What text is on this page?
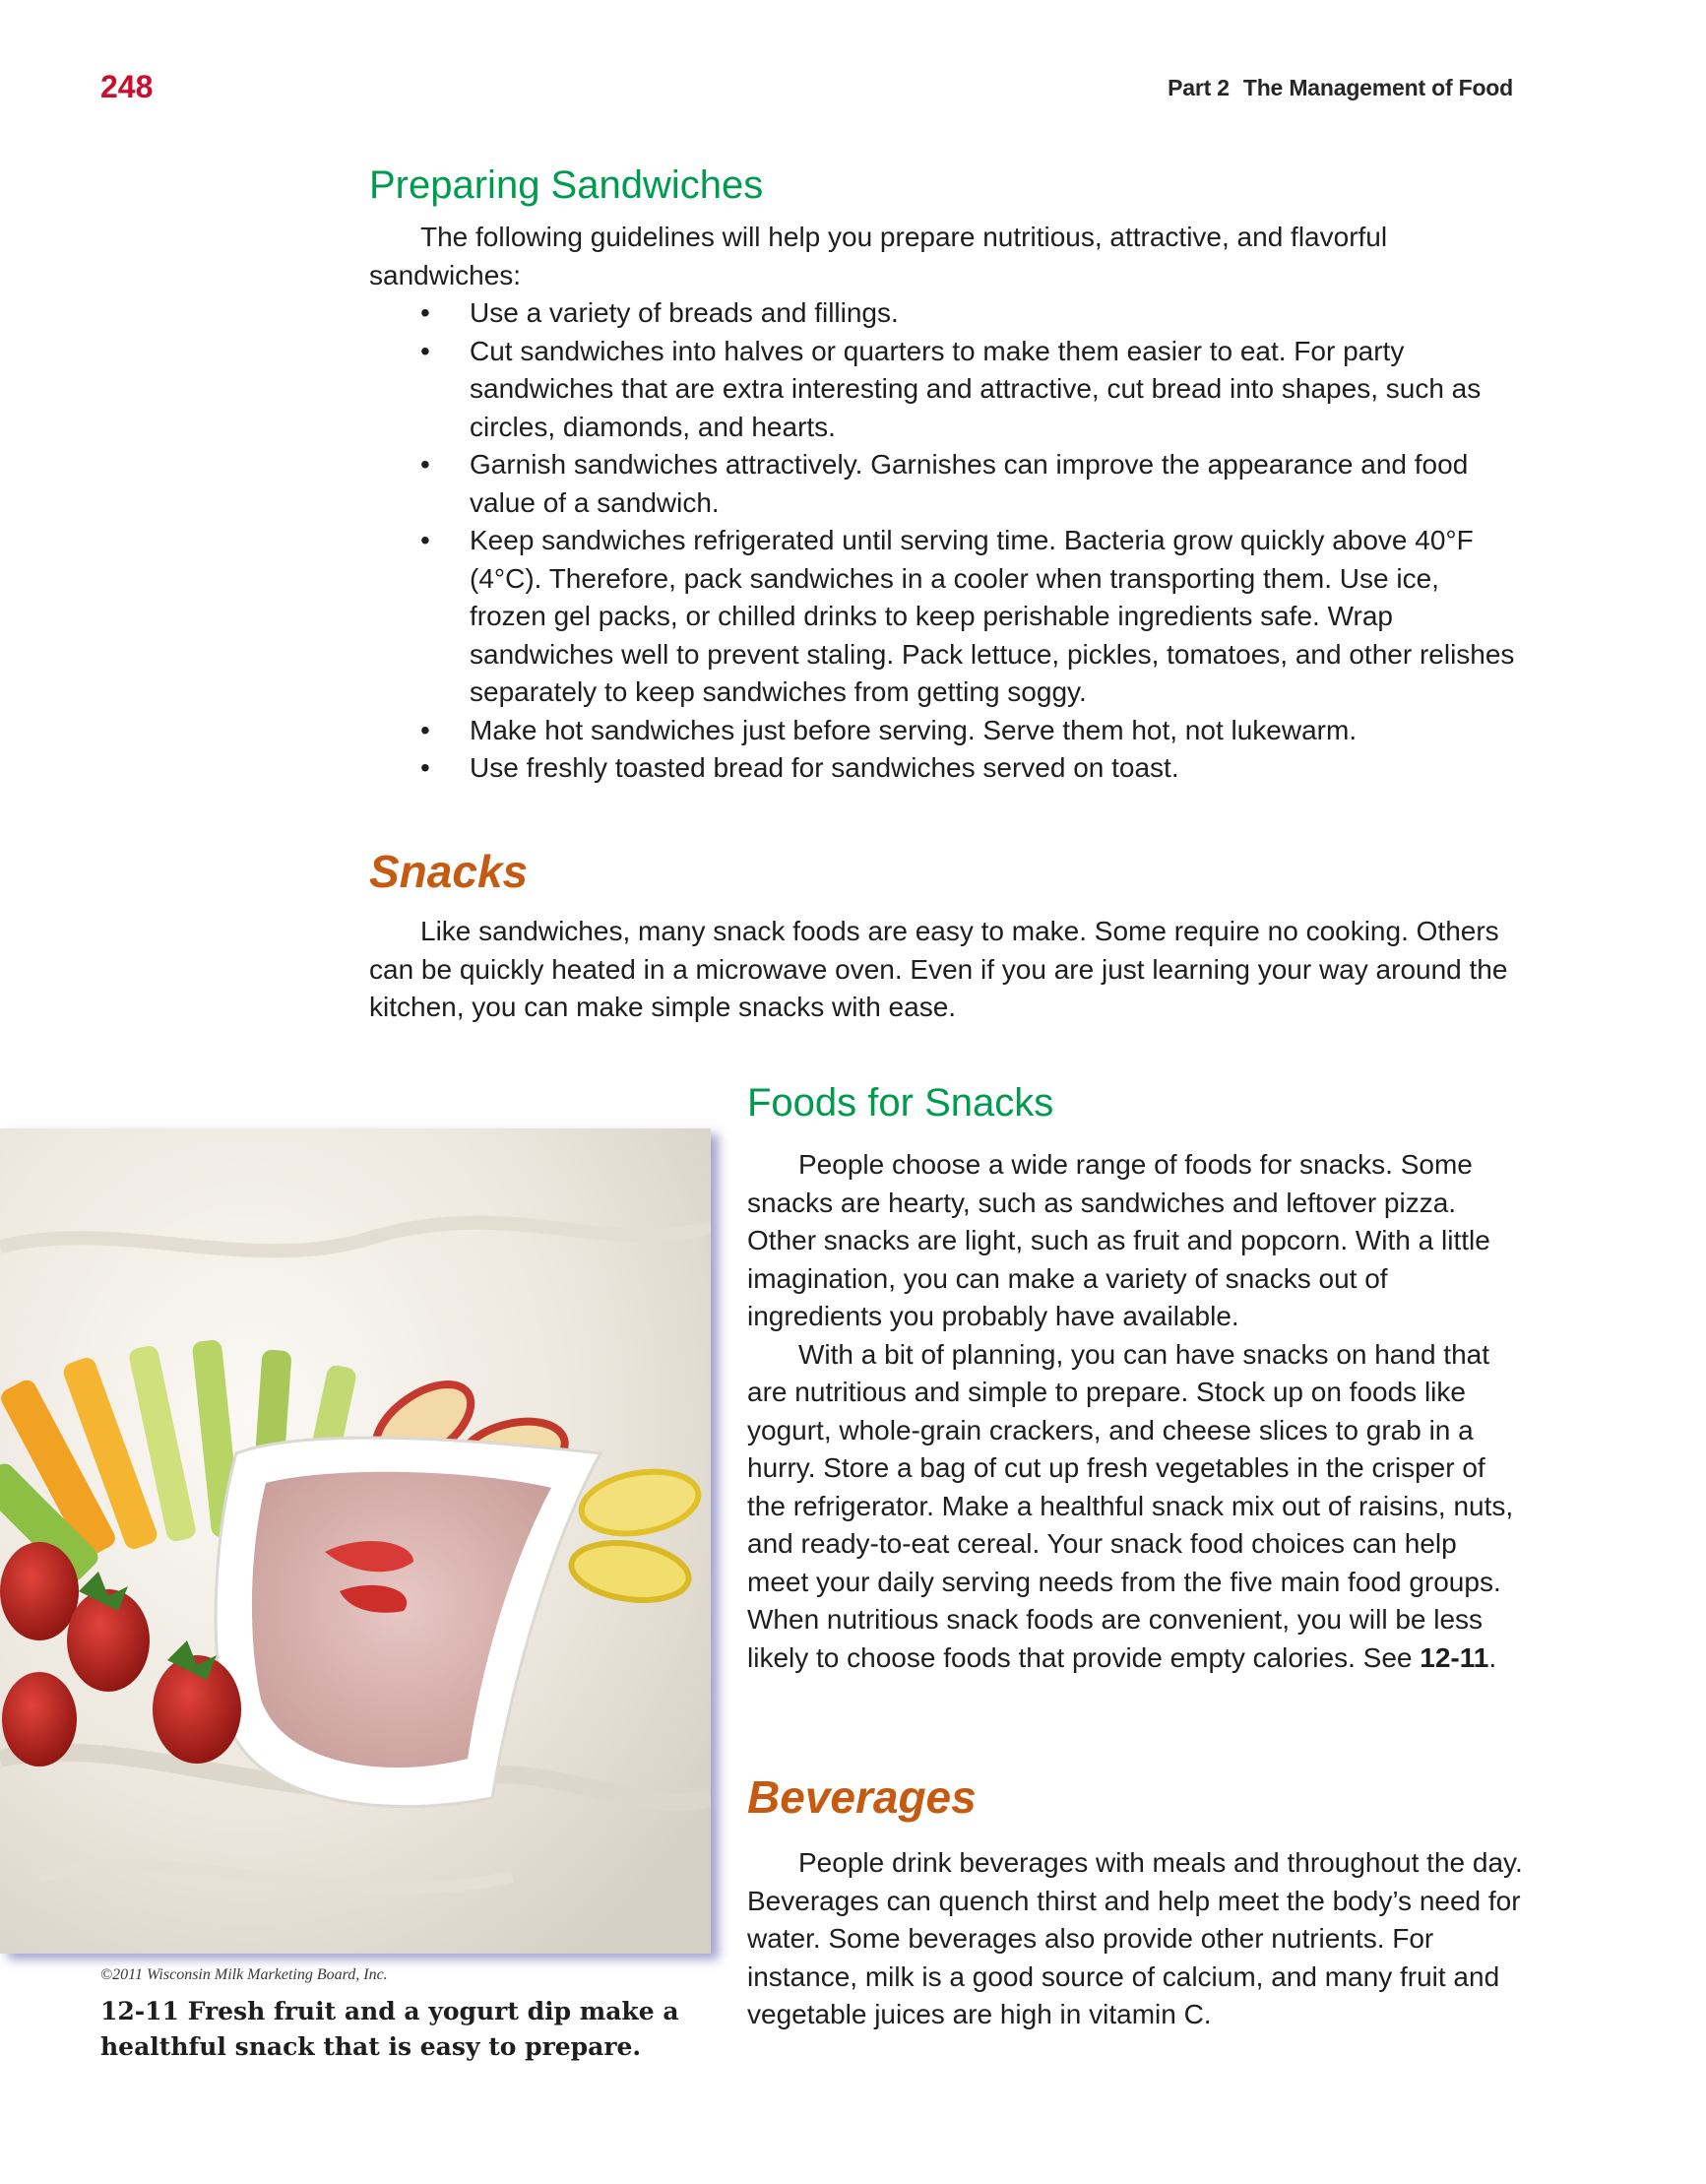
248	Part 2 The Management of Food
Preparing Sandwiches

The following guidelines will help you prepare nutritious, attractive, and flavorful sandwiches:

• Use a variety of breads and fillings.
• Cut sandwiches into halves or quarters to make them easier to eat. For party sandwiches that are extra interesting and attractive, cut bread into shapes, such as circles, diamonds, and hearts.
• Garnish sandwiches attractively. Garnishes can improve the appearance and food value of a sandwich.
• Keep sandwiches refrigerated until serving time. Bacteria grow quickly above 40°F (4°C). Therefore, pack sandwiches in a cooler when transporting them. Use ice, frozen gel packs, or chilled drinks to keep perishable ingredients safe. Wrap sandwiches well to prevent staling. Pack lettuce, pickles, tomatoes, and other relishes separately to keep sandwiches from getting soggy.
• Make hot sandwiches just before serving. Serve them hot, not lukewarm.
• Use freshly toasted bread for sandwiches served on toast.
Snacks

Like sandwiches, many snack foods are easy to make. Some require no cooking. Others can be quickly heated in a microwave oven. Even if you are just learning your way around the kitchen, you can make simple snacks with ease.

©2011 Wisconsin Milk Marketing Board, Inc.
12-11 Fresh fruit and a yogurt dip make a healthful snack that is easy to prepare.
Foods for Snacks

People choose a wide range of foods for snacks. Some snacks are hearty, such as sandwiches and leftover pizza. Other snacks are light, such as fruit and popcorn. With a little imagination, you can make a variety of snacks out of ingredients you probably have available.

With a bit of planning, you can have snacks on hand that are nutritious and simple to prepare. Stock up on foods like yogurt, whole-grain crackers, and cheese slices to grab in a hurry. Store a bag of cut up fresh vegetables in the crisper of the refrigerator. Make a healthful snack mix out of raisins, nuts, and ready-to-eat cereal. Your snack food choices can help meet your daily serving needs from the five main food groups. When nutritious snack foods are convenient, you will be less likely to choose foods that provide empty calories. See 12-11.

Beverages

People drink beverages with meals and throughout the day. Beverages can quench thirst and help meet the body’s need for water. Some beverages also provide other nutrients. For instance, milk is a good source of calcium, and many fruit and vegetable juices are high in vitamin C.
